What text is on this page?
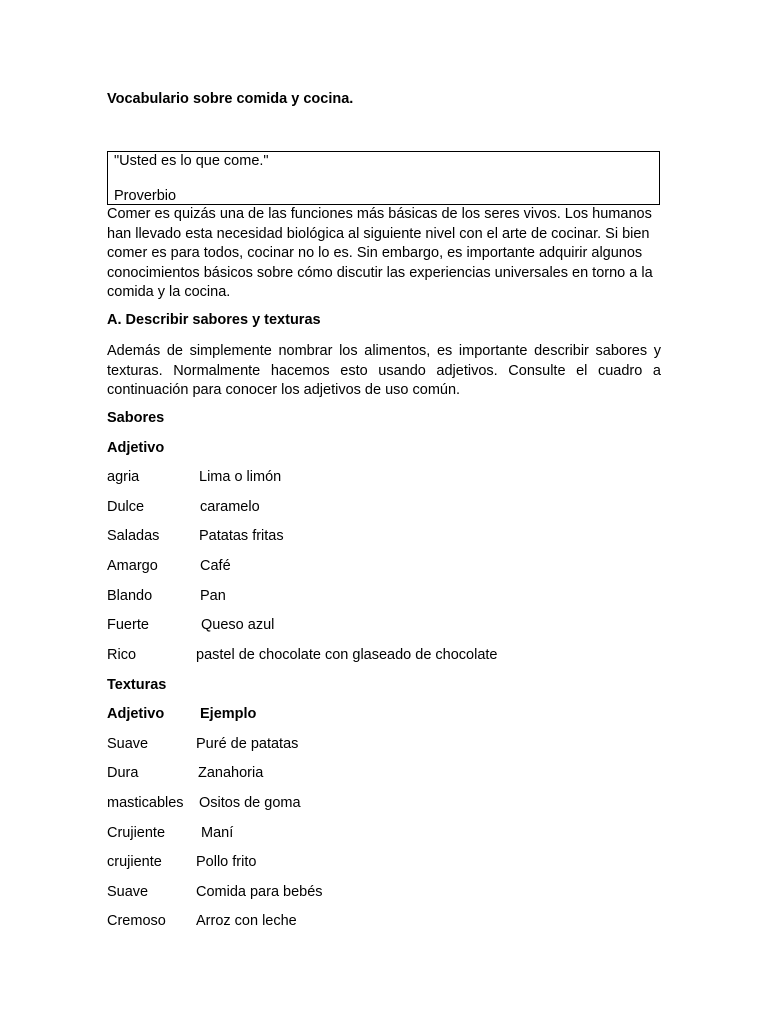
Vocabulario sobre comida y cocina.

"Usted es lo que come."
Proverbio

Comer es quizás una de las funciones más básicas de los seres vivos. Los humanos han llevado esta necesidad biológica al siguiente nivel con el arte de cocinar. Si bien comer es para todos, cocinar no lo es. Sin embargo, es importante adquirir algunos conocimientos básicos sobre cómo discutir las experiencias universales en torno a la comida y la cocina.

A. Describir sabores y texturas

Además de simplemente nombrar los alimentos, es importante describir sabores y texturas. Normalmente hacemos esto usando adjetivos. Consulte el cuadro a continuación para conocer los adjetivos de uso común.

Sabores

Adjetivo

agria	Lima o limón
Dulce	caramelo
Saladas	Patatas fritas
Amargo	Café
Blando	Pan
Fuerte	Queso azul
Rico	pastel de chocolate con glaseado de chocolate

Texturas

Adjetivo Ejemplo
Suave	Puré de patatas
Dura	Zanahoria
masticables Ositos de goma
Crujiente Maní
crujiente Pollo frito
Suave	Comida para bebés
Cremoso Arroz con leche
